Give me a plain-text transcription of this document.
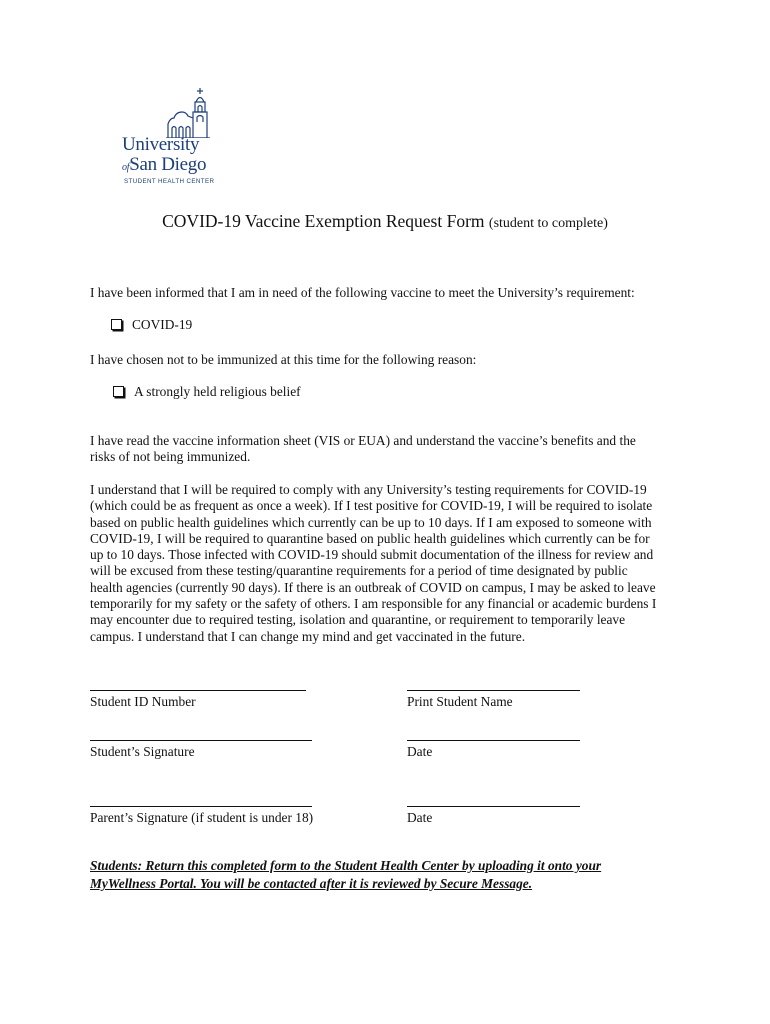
University
ofSan Diego
STUDENT HEALTH CENTER
COVID-19 Vaccine Exemption Request Form (student to complete)
I have been informed that I am in need of the following vaccine to meet the University’s requirement:
COVID-19
I have chosen not to be immunized at this time for the following reason:
A strongly held religious belief
I have read the vaccine information sheet (VIS or EUA) and understand the vaccine’s benefits and the
risks of not being immunized.
I understand that I will be required to comply with any University’s testing requirements for COVID-19
(which could be as frequent as once a week). If I test positive for COVID-19, I will be required to isolate
based on public health guidelines which currently can be up to 10 days. If I am exposed to someone with
COVID-19, I will be required to quarantine based on public health guidelines which currently can be for
up to 10 days. Those infected with COVID-19 should submit documentation of the illness for review and
will be excused from these testing/quarantine requirements for a period of time designated by public
health agencies (currently 90 days). If there is an outbreak of COVID on campus, I may be asked to leave
temporarily for my safety or the safety of others. I am responsible for any financial or academic burdens I
may encounter due to required testing, isolation and quarantine, or requirement to temporarily leave
campus. I understand that I can change my mind and get vaccinated in the future.
Student ID Number	Print Student Name
Student’s Signature	Date
Parent’s Signature (if student is under 18)	Date
Students: Return this completed form to the Student Health Center by uploading it onto your
MyWellness Portal. You will be contacted after it is reviewed by Secure Message.
